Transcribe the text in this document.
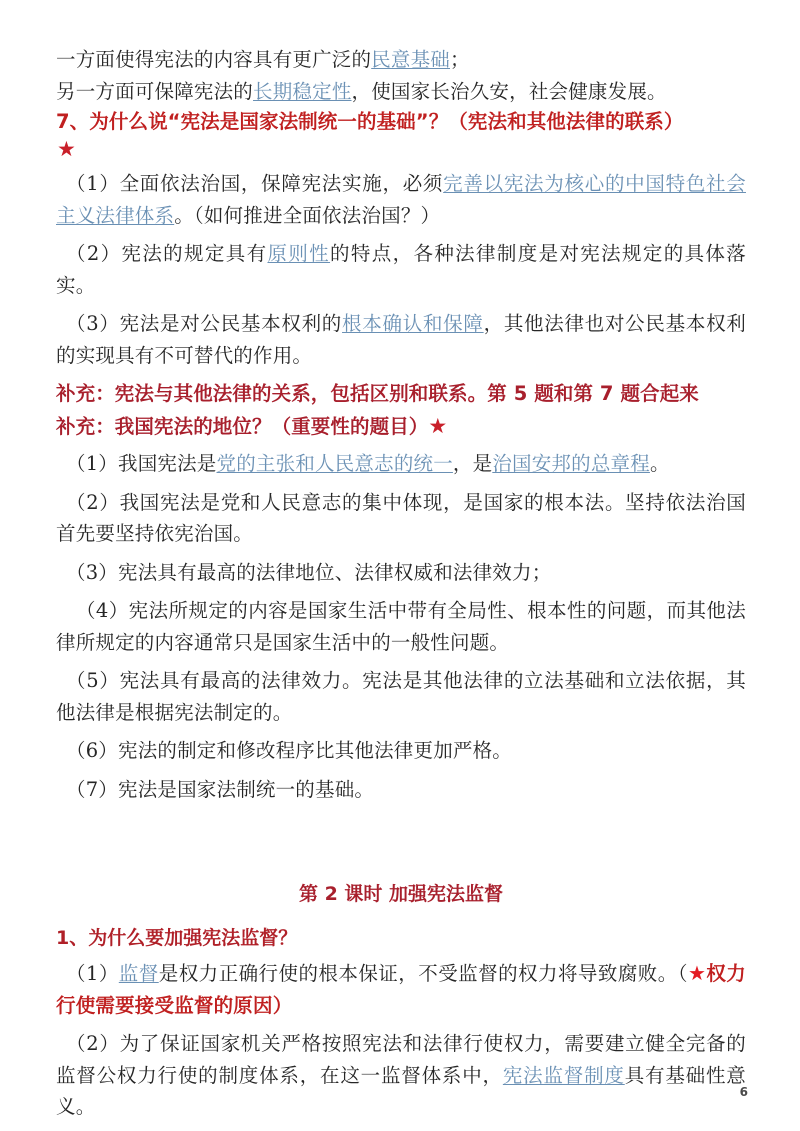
一方面使得宪法的内容具有更广泛的民意基础；

另一方面可保障宪法的长期稳定性，使国家长治久安，社会健康发展。

7、为什么说“宪法是国家法制统一的基础”？（宪法和其他法律的联系）

★

（1）全面依法治国，保障宪法实施，必须完善以宪法为核心的中国特色社会主义法律体系。（如何推进全面依法治国？）

（2）宪法的规定具有原则性的特点，各种法律制度是对宪法规定的具体落实。

（3）宪法是对公民基本权利的根本确认和保障，其他法律也对公民基本权利的实现具有不可替代的作用。

补充：宪法与其他法律的关系，包括区别和联系。第 5 题和第 7 题合起来

补充：我国宪法的地位？（重要性的题目）★

（1）我国宪法是党的主张和人民意志的统一，是治国安邦的总章程。

（2）我国宪法是党和人民意志的集中体现，是国家的根本法。坚持依法治国首先要坚持依宪治国。

（3）宪法具有最高的法律地位、法律权威和法律效力；

（4）宪法所规定的内容是国家生活中带有全局性、根本性的问题，而其他法律所规定的内容通常只是国家生活中的一般性问题。

（5）宪法具有最高的法律效力。宪法是其他法律的立法基础和立法依据，其他法律是根据宪法制定的。

（6）宪法的制定和修改程序比其他法律更加严格。

（7）宪法是国家法制统一的基础。

第 2 课时 加强宪法监督

1、为什么要加强宪法监督？

（1）监督是权力正确行使的根本保证，不受监督的权力将导致腐败。（★权力行使需要接受监督的原因）

（2）为了保证国家机关严格按照宪法和法律行使权力，需要建立健全完备的监督公权力行使的制度体系，在这一监督体系中，宪法监督制度具有基础性意义。

6
